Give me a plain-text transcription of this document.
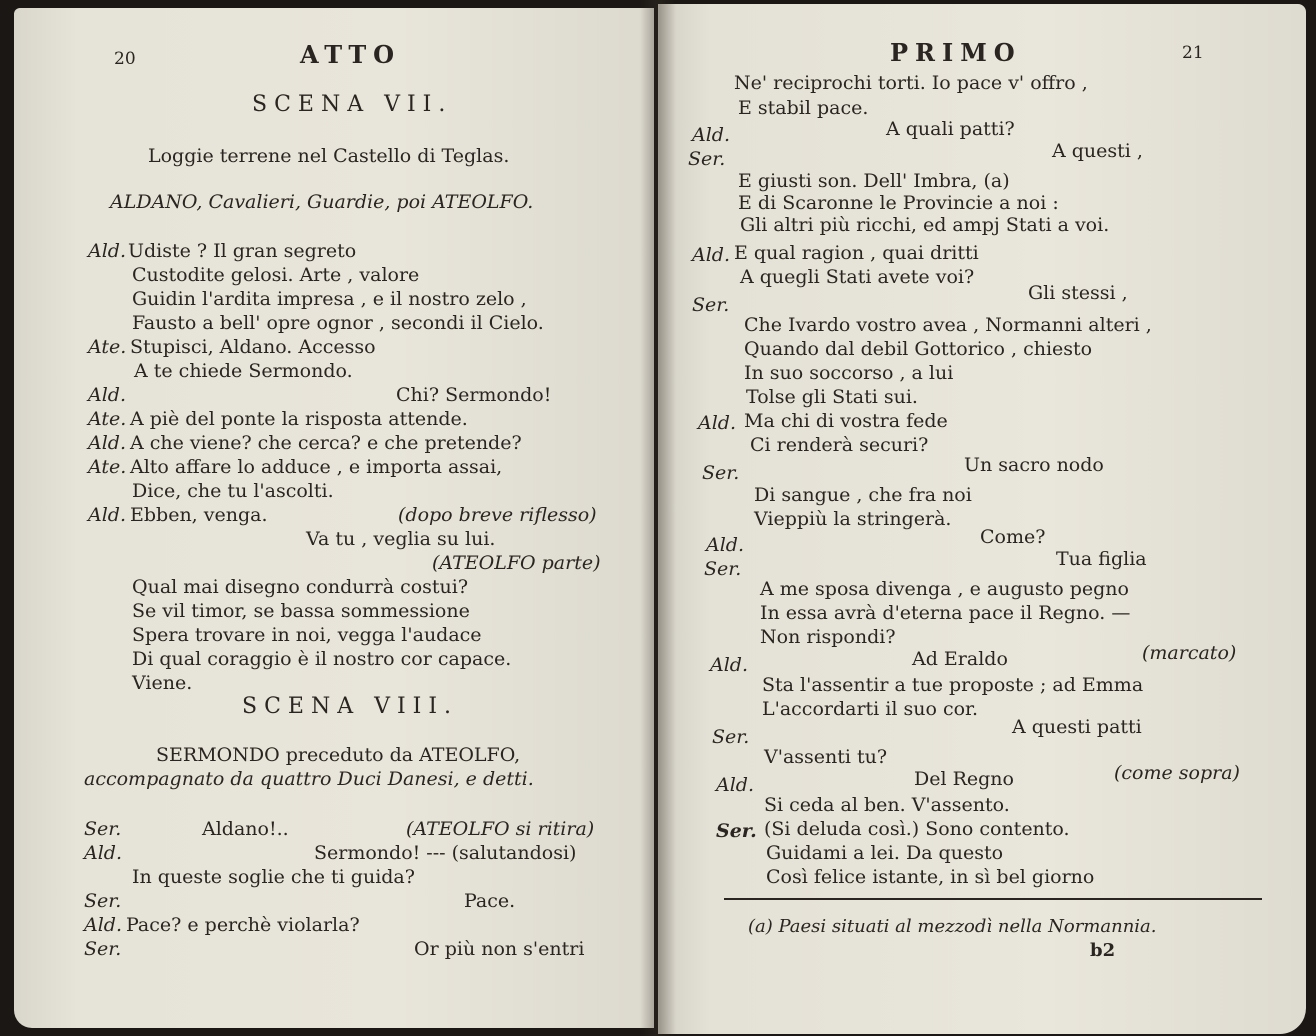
20	ATTO
SCENA VII.
Loggie terrene nel Castello di Teglas.
ALDANO, Cavalieri, Guardie, poi ATEOLFO.
Ald. Udiste ? Il gran segreto
Custodite gelosi. Arte , valore
Guidin l'ardita impresa , e il nostro zelo ,
Fausto a bell' opre ognor , secondi il Cielo.
Ate. Stupisci, Aldano. Accesso
A te chiede Sermondo.
Ald.	Chi? Sermondo!
Ate. A piè del ponte la risposta attende.
Ald. A che viene? che cerca? e che pretende?
Ate. Alto affare lo adduce , e importa assai,
Dice, che tu l'ascolti.
Ald. Ebben, venga.	(dopo breve riflesso)
Va tu , veglia su lui.
(ATEOLFO parte)
Qual mai disegno condurrà costui?
Se vil timor, se bassa sommessione
Spera trovare in noi, vegga l'audace
Di qual coraggio è il nostro cor capace.
Viene.
SCENA VIII.
SERMONDO preceduto da ATEOLFO,
accompagnato da quattro Duci Danesi, e detti.
Ser.	Aldano!..	(ATEOLFO si ritira)
Ald.	Sermondo! --- (salutandosi)
In queste soglie che ti guida?
Ser.	Pace.
Ald. Pace? e perchè violarla?
Ser.	Or più non s'entri
PRIMO	21
Ne' reciprochi torti. Io pace v' offro ,
E stabil pace.
Ald.	A quali patti?
Ser.	A questi ,
E giusti son. Dell' Imbra, (a)
E di Scaronne le Provincie a noi :
Gli altri più ricchi, ed ampj Stati a voi.
Ald. E qual ragion , quai dritti
A quegli Stati avete voi?
Ser.
Gli stessi ,
Che Ivardo vostro avea , Normanni alteri ,
Quando dal debil Gottorico , chiesto
In suo soccorso , a lui
Tolse gli Stati sui.
Ald. Ma chi di vostra fede
Ci renderà securi?
Ser.	Un sacro nodo
Di sangue , che fra noi
Vieppiù la stringerà.
Ald.	Come?
Ser.	Tua figlia
A me sposa divenga , e augusto pegno
In essa avrà d'eterna pace il Regno. —
Non rispondi?
Ald.	Ad Eraldo	(marcato)
Sta l'assentir a tue proposte ; ad Emma
L'accordarti il suo cor.
Ser.	A questi patti
V'assenti tu?
Ald.	Del Regno	(come sopra)
Si ceda al ben. V'assento.
Ser. (Si deluda così.) Sono contento.
Guidami a lei. Da questo
Così felice istante, in sì bel giorno
(a) Paesi situati al mezzodì nella Normannia.
b2
